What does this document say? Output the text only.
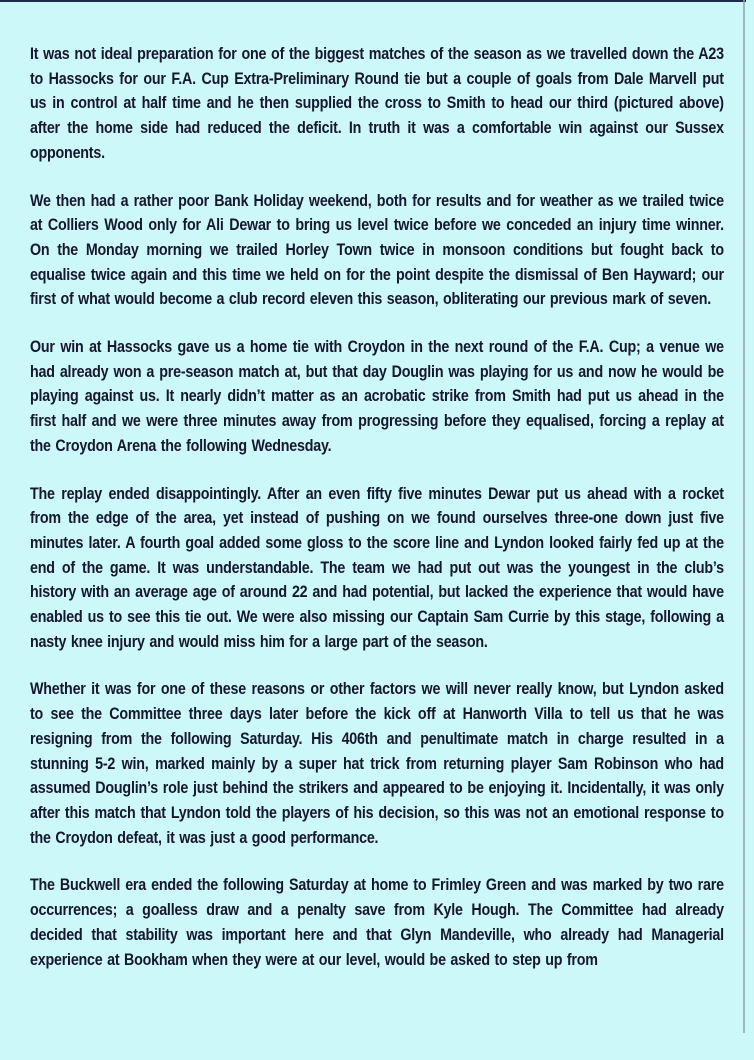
It was not ideal preparation for one of the biggest matches of the season as we travelled down the A23 to Hassocks for our F.A. Cup Extra-Preliminary Round tie but a couple of goals from Dale Marvell put us in control at half time and he then supplied the cross to Smith to head our third (pictured above) after the home side had reduced the deficit. In truth it was a comfortable win against our Sussex opponents.

We then had a rather poor Bank Holiday weekend, both for results and for weather as we trailed twice at Colliers Wood only for Ali Dewar to bring us level twice before we conceded an injury time winner. On the Monday morning we trailed Horley Town twice in monsoon conditions but fought back to equalise twice again and this time we held on for the point despite the dismissal of Ben Hayward; our first of what would become a club record eleven this season, obliterating our previous mark of seven.

Our win at Hassocks gave us a home tie with Croydon in the next round of the F.A. Cup; a venue we had already won a pre-season match at, but that day Douglin was playing for us and now he would be playing against us. It nearly didn’t matter as an acrobatic strike from Smith had put us ahead in the first half and we were three minutes away from progressing before they equalised, forcing a replay at the Croydon Arena the following Wednesday.

The replay ended disappointingly. After an even fifty five minutes Dewar put us ahead with a rocket from the edge of the area, yet instead of pushing on we found ourselves three-one down just five minutes later. A fourth goal added some gloss to the score line and Lyndon looked fairly fed up at the end of the game. It was understandable. The team we had put out was the youngest in the club’s history with an average age of around 22 and had potential, but lacked the experience that would have enabled us to see this tie out. We were also missing our Captain Sam Currie by this stage, following a nasty knee injury and would miss him for a large part of the season.

Whether it was for one of these reasons or other factors we will never really know, but Lyndon asked to see the Committee three days later before the kick off at Hanworth Villa to tell us that he was resigning from the following Saturday. His 406th and penultimate match in charge resulted in a stunning 5-2 win, marked mainly by a super hat trick from returning player Sam Robinson who had assumed Douglin’s role just behind the strikers and appeared to be enjoying it. Incidentally, it was only after this match that Lyndon told the players of his decision, so this was not an emotional response to the Croydon defeat, it was just a good performance.

The Buckwell era ended the following Saturday at home to Frimley Green and was marked by two rare occurrences; a goalless draw and a penalty save from Kyle Hough. The Committee had already decided that stability was important here and that Glyn Mandeville, who already had Managerial experience at Bookham when they were at our level, would be asked to step up from
